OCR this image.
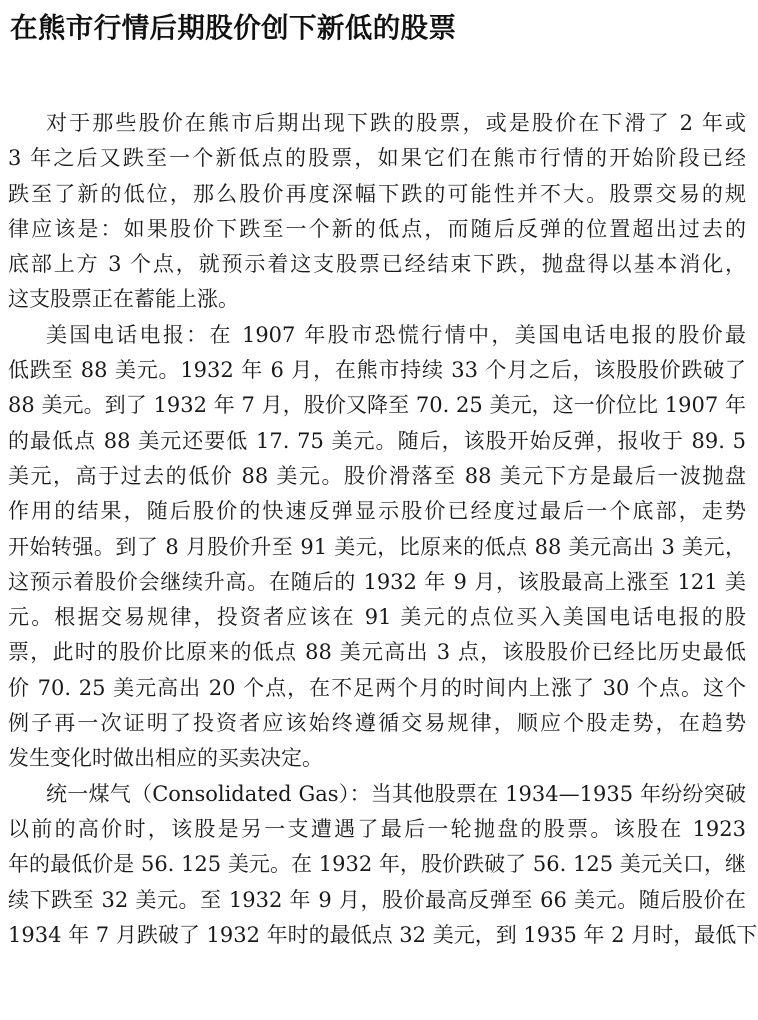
在熊市行情后期股价创下新低的股票
对于那些股价在熊市后期出现下跌的股票，或是股价在下滑了 2 年或
3 年之后又跌至一个新低点的股票，如果它们在熊市行情的开始阶段已经
跌至了新的低位，那么股价再度深幅下跌的可能性并不大。股票交易的规
律应该是：如果股价下跌至一个新的低点，而随后反弹的位置超出过去的
底部上方 3 个点，就预示着这支股票已经结束下跌，抛盘得以基本消化，
这支股票正在蓄能上涨。
美国电话电报：在 1907 年股市恐慌行情中，美国电话电报的股价最
低跌至 88 美元。1932 年 6 月，在熊市持续 33 个月之后，该股股价跌破了
88 美元。到了 1932 年 7 月，股价又降至 70. 25 美元，这一价位比 1907 年
的最低点 88 美元还要低 17. 75 美元。随后，该股开始反弹，报收于 89. 5
美元，高于过去的低价 88 美元。股价滑落至 88 美元下方是最后一波抛盘
作用的结果，随后股价的快速反弹显示股价已经度过最后一个底部，走势
开始转强。到了 8 月股价升至 91 美元，比原来的低点 88 美元高出 3 美元，
这预示着股价会继续升高。在随后的 1932 年 9 月，该股最高上涨至 121 美
元。根据交易规律，投资者应该在 91 美元的点位买入美国电话电报的股
票，此时的股价比原来的低点 88 美元高出 3 点，该股股价已经比历史最低
价 70. 25 美元高出 20 个点，在不足两个月的时间内上涨了 30 个点。这个
例子再一次证明了投资者应该始终遵循交易规律，顺应个股走势，在趋势
发生变化时做出相应的买卖决定。
统一煤气（Consolidated Gas）：当其他股票在 1934—1935 年纷纷突破
以前的高价时，该股是另一支遭遇了最后一轮抛盘的股票。该股在 1923
年的最低价是 56. 125 美元。在 1932 年，股价跌破了 56. 125 美元关口，继
续下跌至 32 美元。至 1932 年 9 月，股价最高反弹至 66 美元。随后股价在
1934 年 7 月跌破了 1932 年时的最低点 32 美元，到 1935 年 2 月时，最低下
